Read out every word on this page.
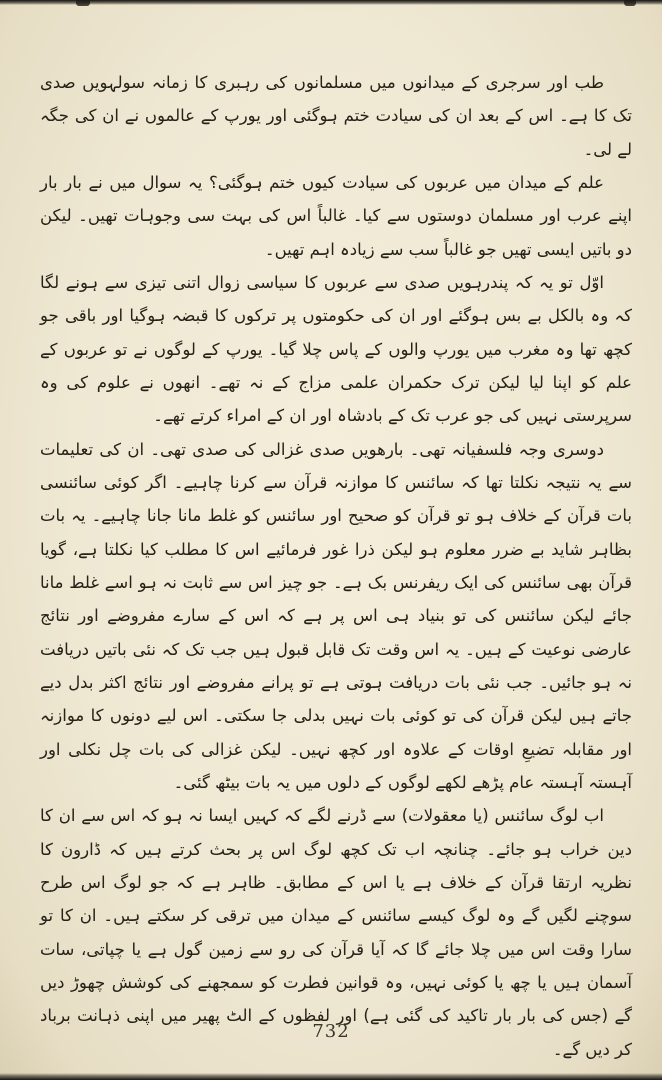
طب اور سرجری کے میدانوں میں مسلمانوں کی رہبری کا زمانہ سولہویں صدی تک کا ہے۔ اس کے بعد ان کی سیادت ختم ہوگئی اور یورپ کے عالموں نے ان کی جگہ لے لی۔

علم کے میدان میں عربوں کی سیادت کیوں ختم ہوگئی؟ یہ سوال میں نے بار بار اپنے عرب اور مسلمان دوستوں سے کیا۔ غالباً اس کی بہت سی وجوہات تھیں۔ لیکن دو باتیں ایسی تھیں جو غالباً سب سے زیادہ اہم تھیں۔

اوّل تو یہ کہ پندرہویں صدی سے عربوں کا سیاسی زوال اتنی تیزی سے ہونے لگا کہ وہ بالکل بے بس ہوگئے اور ان کی حکومتوں پر ترکوں کا قبضہ ہوگیا اور باقی جو کچھ تھا وہ مغرب میں یورپ والوں کے پاس چلا گیا۔ یورپ کے لوگوں نے تو عربوں کے علم کو اپنا لیا لیکن ترک حکمران علمی مزاج کے نہ تھے۔ انھوں نے علوم کی وہ سرپرستی نہیں کی جو عرب تک کے بادشاہ اور ان کے امراء کرتے تھے۔

دوسری وجہ فلسفیانہ تھی۔ بارھویں صدی غزالی کی صدی تھی۔ ان کی تعلیمات سے یہ نتیجہ نکلتا تھا کہ سائنس کا موازنہ قرآن سے کرنا چاہیے۔ اگر کوئی سائنسی بات قرآن کے خلاف ہو تو قرآن کو صحیح اور سائنس کو غلط مانا جانا چاہیے۔ یہ بات بظاہر شاید بے ضرر معلوم ہو لیکن ذرا غور فرمائیے اس کا مطلب کیا نکلتا ہے، گویا قرآن بھی سائنس کی ایک ریفرنس بک ہے۔ جو چیز اس سے ثابت نہ ہو اسے غلط مانا جائے لیکن سائنس کی تو بنیاد ہی اس پر ہے کہ اس کے سارے مفروضے اور نتائج عارضی نوعیت کے ہیں۔ یہ اس وقت تک قابل قبول ہیں جب تک کہ نئی باتیں دریافت نہ ہو جائیں۔ جب نئی بات دریافت ہوتی ہے تو پرانے مفروضے اور نتائج اکثر بدل دیے جاتے ہیں لیکن قرآن کی تو کوئی بات نہیں بدلی جا سکتی۔ اس لیے دونوں کا موازنہ اور مقابلہ تضیعِ اوقات کے علاوہ اور کچھ نہیں۔ لیکن غزالی کی بات چل نکلی اور آہستہ آہستہ عام پڑھے لکھے لوگوں کے دلوں میں یہ بات بیٹھ گئی۔

اب لوگ سائنس (یا معقولات) سے ڈرنے لگے کہ کہیں ایسا نہ ہو کہ اس سے ان کا دین خراب ہو جائے۔ چنانچہ اب تک کچھ لوگ اس پر بحث کرتے ہیں کہ ڈارون کا نظریہ ارتقا قرآن کے خلاف ہے یا اس کے مطابق۔ ظاہر ہے کہ جو لوگ اس طرح سوچنے لگیں گے وہ لوگ کیسے سائنس کے میدان میں ترقی کر سکتے ہیں۔ ان کا تو سارا وقت اس میں چلا جائے گا کہ آیا قرآن کی رو سے زمین گول ہے یا چپاتی، سات آسمان ہیں یا چھ یا کوئی نہیں، وہ قوانین فطرت کو سمجھنے کی کوشش چھوڑ دیں گے (جس کی بار بار تاکید کی گئی ہے) اور لفظوں کے الٹ پھیر میں اپنی ذہانت برباد کر دیں گے۔

732
